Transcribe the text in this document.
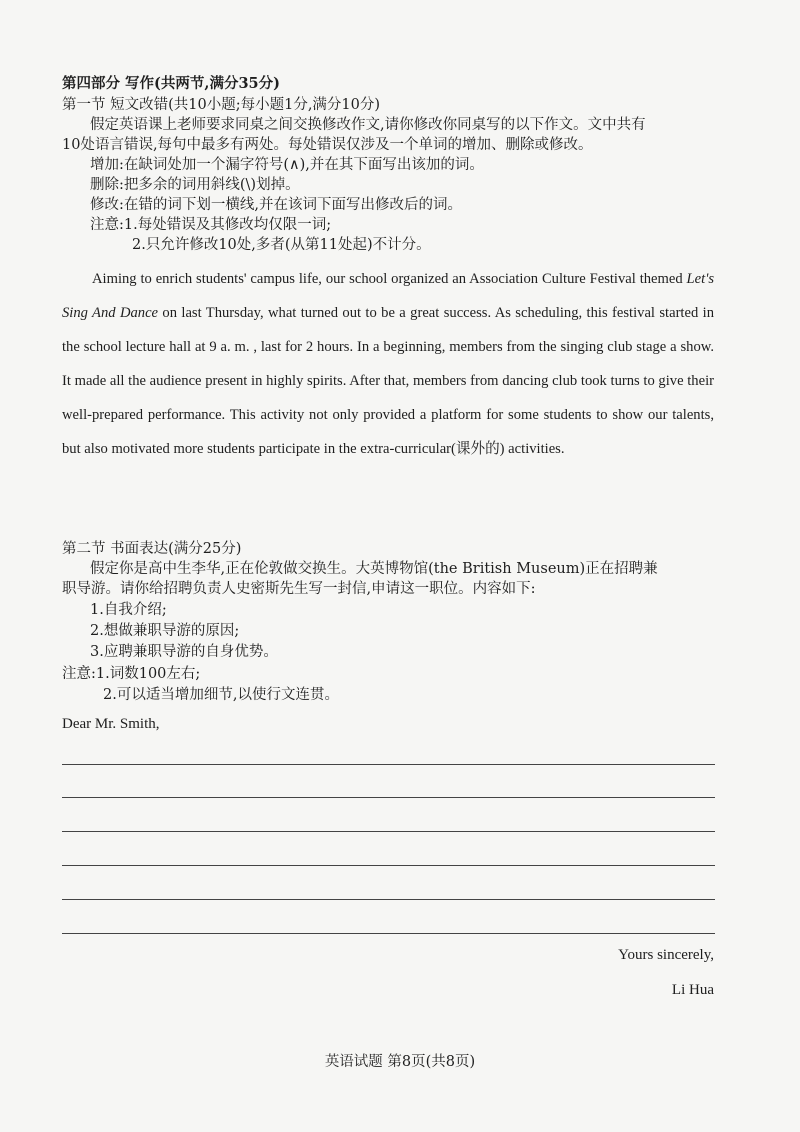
第四部分 写作(共两节,满分35分)
第一节 短文改错(共10小题;每小题1分,满分10分)
假定英语课上老师要求同桌之间交换修改作文,请你修改你同桌写的以下作文。文中共有
10处语言错误,每句中最多有两处。每处错误仅涉及一个单词的增加、删除或修改。
增加:在缺词处加一个漏字符号(∧),并在其下面写出该加的词。
删除:把多余的词用斜线(\)划掉。
修改:在错的词下划一横线,并在该词下面写出修改后的词。
注意:1.每处错误及其修改均仅限一词;
2.只允许修改10处,多者(从第11处起)不计分。

Aiming to enrich students' campus life, our school organized an Association Culture Festival themed Let's Sing And Dance on last Thursday, what turned out to be a great success. As scheduling, this festival started in the school lecture hall at 9 a. m. , last for 2 hours. In a beginning, members from the singing club stage a show. It made all the audience present in highly spirits. After that, members from dancing club took turns to give their well-prepared performance. This activity not only provided a platform for some students to show our talents, but also motivated more students participate in the extra-curricular(课外的) activities.

第二节 书面表达(满分25分)
假定你是高中生李华,正在伦敦做交换生。大英博物馆(the British Museum)正在招聘兼
职导游。请你给招聘负责人史密斯先生写一封信,申请这一职位。内容如下:
1.自我介绍;
2.想做兼职导游的原因;
3.应聘兼职导游的自身优势。
注意:1.词数100左右;
2.可以适当增加细节,以使行文连贯。
Dear Mr. Smith,
Yours sincerely,
Li Hua
英语试题 第8页(共8页)
